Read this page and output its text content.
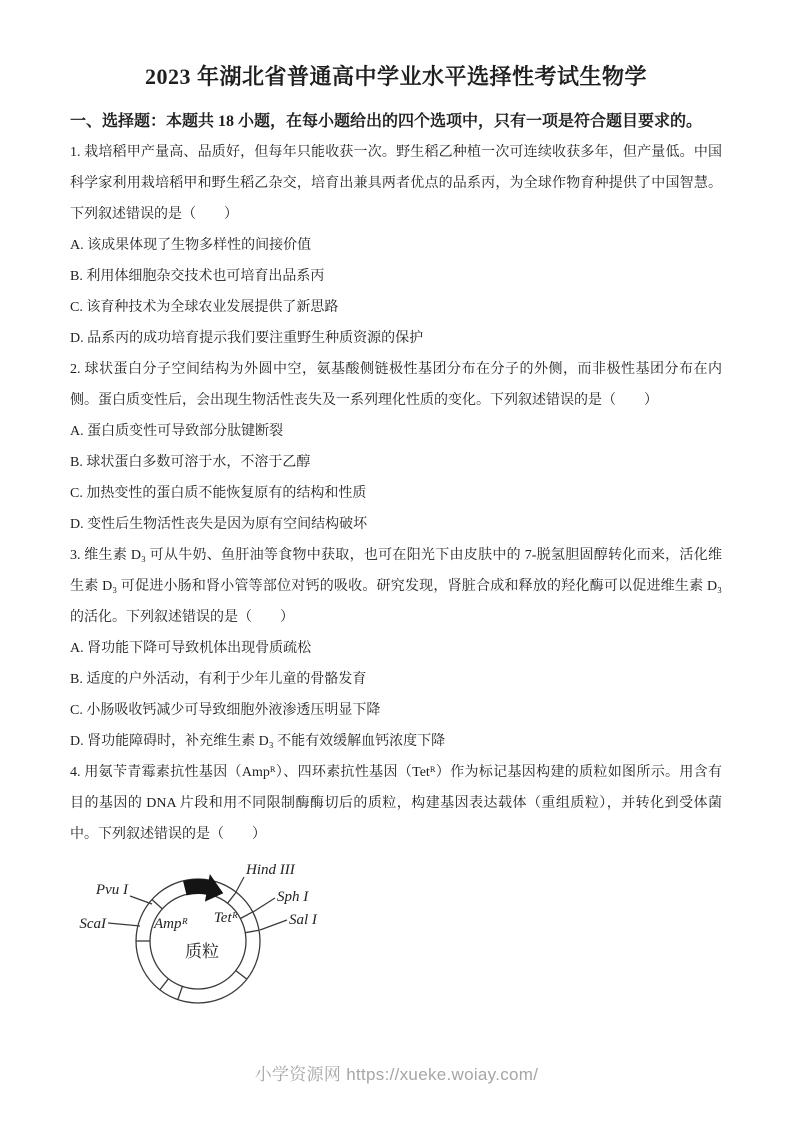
2023 年湖北省普通高中学业水平选择性考试生物学
一、选择题：本题共 18 小题，在每小题给出的四个选项中，只有一项是符合题目要求的。

1. 栽培稻甲产量高、品质好，但每年只能收获一次。野生稻乙种植一次可连续收获多年，但产量低。中国科学家利用栽培稻甲和野生稻乙杂交，培育出兼具两者优点的品系丙，为全球作物育种提供了中国智慧。下列叙述错误的是（　　）

A. 该成果体现了生物多样性的间接价值

B. 利用体细胞杂交技术也可培育出品系丙

C. 该育种技术为全球农业发展提供了新思路

D. 品系丙的成功培育提示我们要注重野生种质资源的保护

2. 球状蛋白分子空间结构为外圆中空，氨基酸侧链极性基团分布在分子的外侧，而非极性基团分布在内侧。蛋白质变性后，会出现生物活性丧失及一系列理化性质的变化。下列叙述错误的是（　　）

A. 蛋白质变性可导致部分肽键断裂

B. 球状蛋白多数可溶于水，不溶于乙醇

C. 加热变性的蛋白质不能恢复原有的结构和性质

D. 变性后生物活性丧失是因为原有空间结构破坏

3. 维生素 D₃ 可从牛奶、鱼肝油等食物中获取，也可在阳光下由皮肤中的 7-脱氢胆固醇转化而来，活化维生素 D₃ 可促进小肠和肾小管等部位对钙的吸收。研究发现，肾脏合成和释放的羟化酶可以促进维生素 D₃ 的活化。下列叙述错误的是（　　）

A. 肾功能下降可导致机体出现骨质疏松

B. 适度的户外活动，有利于少年儿童的骨骼发育

C. 小肠吸收钙减少可导致细胞外液渗透压明显下降

D. 肾功能障碍时，补充维生素 D₃ 不能有效缓解血钙浓度下降

4. 用氨苄青霉素抗性基因（Ampᴿ）、四环素抗性基因（Tetᴿ）作为标记基因构建的质粒如图所示。用含有目的基因的 DNA 片段和用不同限制酶酶切后的质粒，构建基因表达载体（重组质粒），并转化到受体菌中。下列叙述错误的是（　　）

Pvu I
ScaI
Hind III
Sph I
Sal I
Ampᴿ Tetᴿ
质粒
小学资源网 https://xueke.woiay.com/
